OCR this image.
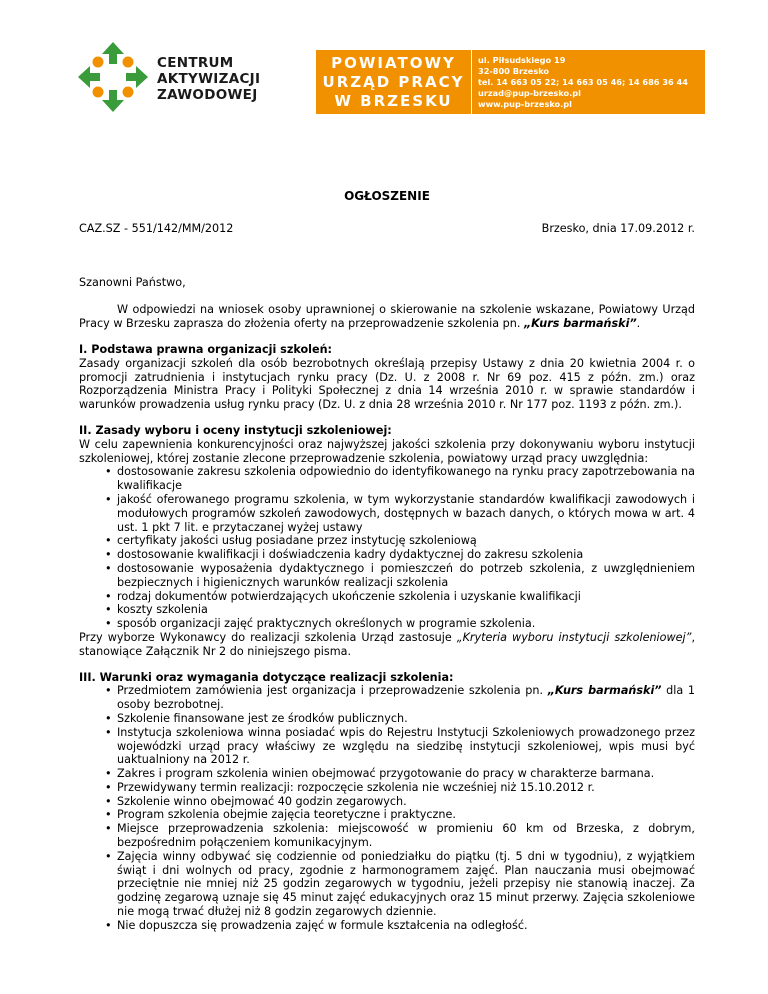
CENTRUM
AKTYWIZACJI
ZAWODOWEJ
POWIATOWY
URZĄD PRACY
W BRZESKU
ul. Piłsudskiego 19
32-800 Brzesko
tel. 14 663 05 22; 14 663 05 46; 14 686 36 44
urzad@pup-brzesko.pl
www.pup-brzesko.pl
OGŁOSZENIE
CAZ.SZ - 551/142/MM/2012	Brzesko, dnia 17.09.2012 r.

Szanowni Państwo,

W odpowiedzi na wniosek osoby uprawnionej o skierowanie na szkolenie wskazane, Powiatowy Urząd Pracy w Brzesku zaprasza do złożenia oferty na przeprowadzenie szkolenia pn. „Kurs barmański”.

I. Podstawa prawna organizacji szkoleń:

Zasady organizacji szkoleń dla osób bezrobotnych określają przepisy Ustawy z dnia 20 kwietnia 2004 r. o promocji zatrudnienia i instytucjach rynku pracy (Dz. U. z 2008 r. Nr 69 poz. 415 z późn. zm.) oraz Rozporządzenia Ministra Pracy i Polityki Społecznej z dnia 14 września 2010 r. w sprawie standardów i warunków prowadzenia usług rynku pracy (Dz. U. z dnia 28 września 2010 r. Nr 177 poz. 1193 z późn. zm.).

II. Zasady wyboru i oceny instytucji szkoleniowej:

W celu zapewnienia konkurencyjności oraz najwyższej jakości szkolenia przy dokonywaniu wyboru instytucji szkoleniowej, której zostanie zlecone przeprowadzenie szkolenia, powiatowy urząd pracy uwzględnia:

• dostosowanie zakresu szkolenia odpowiednio do identyfikowanego na rynku pracy zapotrzebowania na kwalifikacje
• jakość oferowanego programu szkolenia, w tym wykorzystanie standardów kwalifikacji zawodowych i modułowych programów szkoleń zawodowych, dostępnych w bazach danych, o których mowa w art. 4 ust. 1 pkt 7 lit. e przytaczanej wyżej ustawy
• certyfikaty jakości usług posiadane przez instytucję szkoleniową
• dostosowanie kwalifikacji i doświadczenia kadry dydaktycznej do zakresu szkolenia
• dostosowanie wyposażenia dydaktycznego i pomieszczeń do potrzeb szkolenia, z uwzględnieniem bezpiecznych i higienicznych warunków realizacji szkolenia
• rodzaj dokumentów potwierdzających ukończenie szkolenia i uzyskanie kwalifikacji
• koszty szkolenia
• sposób organizacji zajęć praktycznych określonych w programie szkolenia.

Przy wyborze Wykonawcy do realizacji szkolenia Urząd zastosuje „Kryteria wyboru instytucji szkoleniowej”, stanowiące Załącznik Nr 2 do niniejszego pisma.

III. Warunki oraz wymagania dotyczące realizacji szkolenia:

• Przedmiotem zamówienia jest organizacja i przeprowadzenie szkolenia pn. „Kurs barmański” dla 1 osoby bezrobotnej.
• Szkolenie finansowane jest ze środków publicznych.
• Instytucja szkoleniowa winna posiadać wpis do Rejestru Instytucji Szkoleniowych prowadzonego przez wojewódzki urząd pracy właściwy ze względu na siedzibę instytucji szkoleniowej, wpis musi być uaktualniony na 2012 r.
• Zakres i program szkolenia winien obejmować przygotowanie do pracy w charakterze barmana.
• Przewidywany termin realizacji: rozpoczęcie szkolenia nie wcześniej niż 15.10.2012 r.
• Szkolenie winno obejmować 40 godzin zegarowych.
• Program szkolenia obejmie zajęcia teoretyczne i praktyczne.
• Miejsce przeprowadzenia szkolenia: miejscowość w promieniu 60 km od Brzeska, z dobrym, bezpośrednim połączeniem komunikacyjnym.
• Zajęcia winny odbywać się codziennie od poniedziałku do piątku (tj. 5 dni w tygodniu), z wyjątkiem świąt i dni wolnych od pracy, zgodnie z harmonogramem zajęć. Plan nauczania musi obejmować przeciętnie nie mniej niż 25 godzin zegarowych w tygodniu, jeżeli przepisy nie stanowią inaczej. Za godzinę zegarową uznaje się 45 minut zajęć edukacyjnych oraz 15 minut przerwy. Zajęcia szkoleniowe nie mogą trwać dłużej niż 8 godzin zegarowych dziennie.
• Nie dopuszcza się prowadzenia zajęć w formule kształcenia na odległość.
